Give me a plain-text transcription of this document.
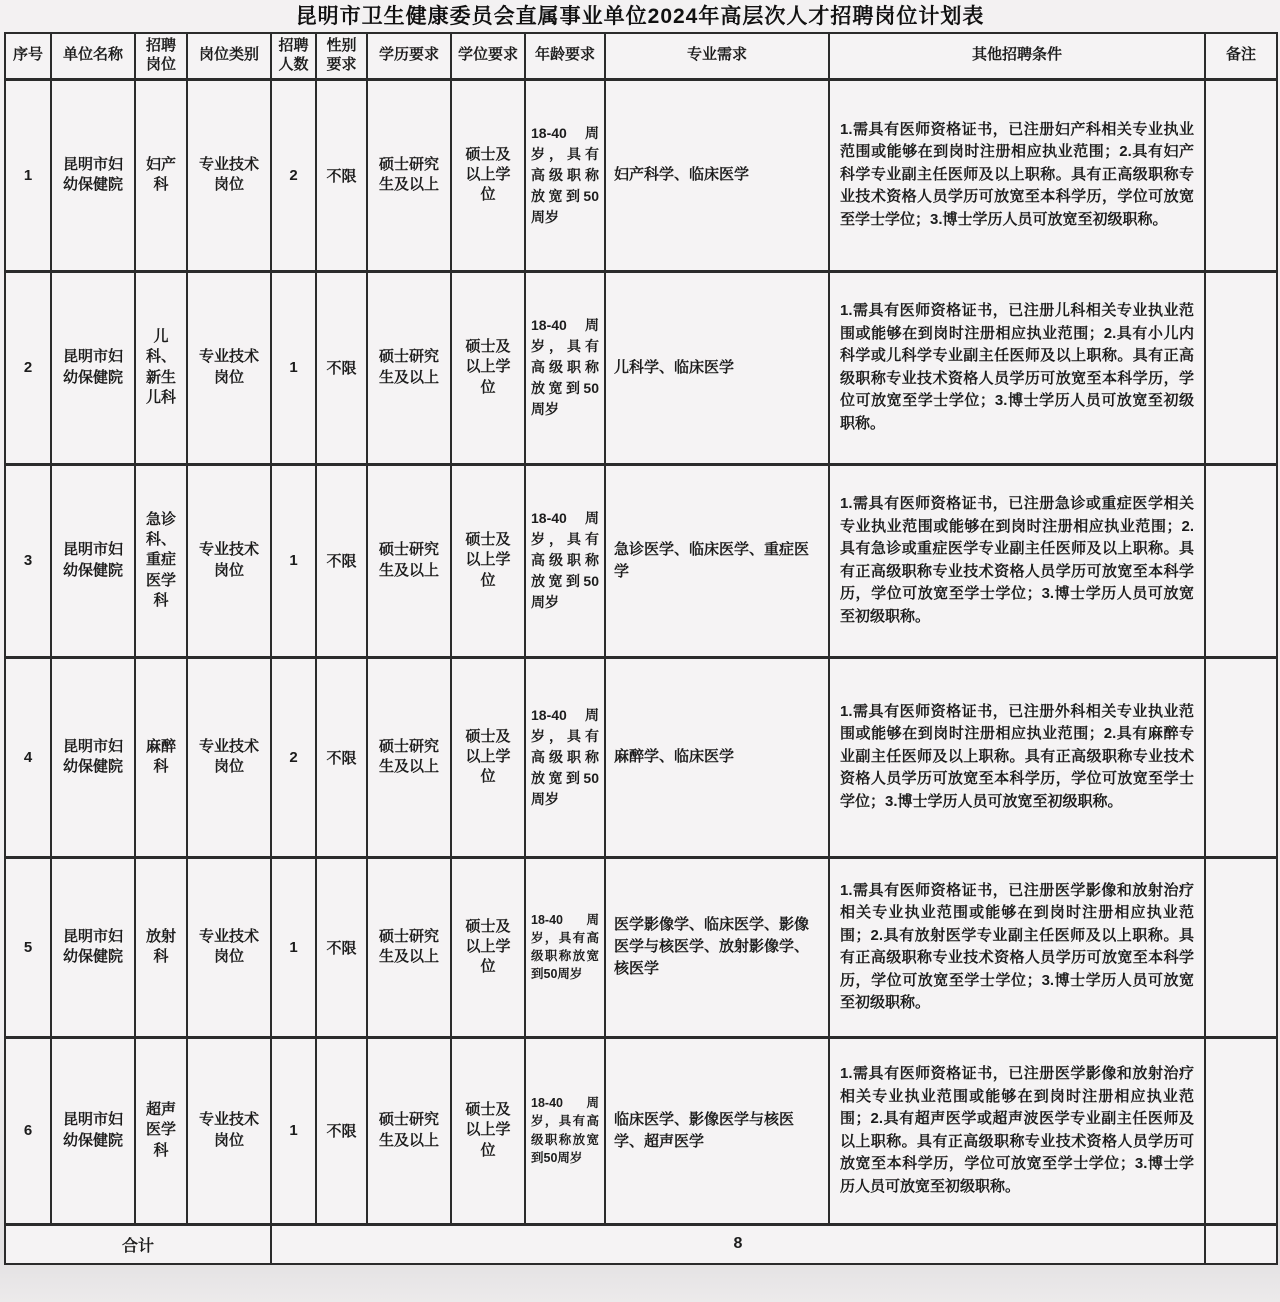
昆明市卫生健康委员会直属事业单位2024年高层次人才招聘岗位计划表
序号	单位名称	招聘岗位	岗位类别	招聘人数	性别要求	学历要求	学位要求	年龄要求	专业需求	其他招聘条件	备注
1	昆明市妇幼保健院	妇产科	专业技术岗位	2	不限	硕士研究生及以上	硕士及以上学位	18-40周岁，具有高级职称 放宽到50周岁	妇产科学、临床医学	1.需具有医师资格证书，已注册妇产科相关专业执业范围或能够在到岗时注册相应执业范围；2.具有妇产科学专业副主任医师及以上职称。具有正高级职称专业技术资格人员学历可放宽至本科学历，学位可放宽至学士学位；3.博士学历人员可放宽至初级职称。	
2	昆明市妇幼保健院	儿科、新生儿科	专业技术岗位	1	不限	硕士研究生及以上	硕士及以上学位	18-40周岁，具有高级职称 放宽到50周岁	儿科学、临床医学	1.需具有医师资格证书，已注册儿科相关专业执业范围或能够在到岗时注册相应执业范围；2.具有小儿内科学或儿科学专业副主任医师及以上职称。具有正高级职称专业技术资格人员学历可放宽至本科学历，学位可放宽至学士学位；3.博士学历人员可放宽至初级职称。	
3	昆明市妇幼保健院	急诊科、重症医学科	专业技术岗位	1	不限	硕士研究生及以上	硕士及以上学位	18-40周岁，具有高级职称 放宽到50周岁	急诊医学、临床医学、重症医学	1.需具有医师资格证书，已注册急诊或重症医学相关专业执业范围或能够在到岗时注册相应执业范围；2.具有急诊或重症医学专业副主任医师及以上职称。具有正高级职称专业技术资格人员学历可放宽至本科学历，学位可放宽至学士学位；3.博士学历人员可放宽至初级职称。	
4	昆明市妇幼保健院	麻醉科	专业技术岗位	2	不限	硕士研究生及以上	硕士及以上学位	18-40周岁，具有高级职称 放宽到50周岁	麻醉学、临床医学	1.需具有医师资格证书，已注册外科相关专业执业范围或能够在到岗时注册相应执业范围；2.具有麻醉专业副主任医师及以上职称。具有正高级职称专业技术资格人员学历可放宽至本科学历，学位可放宽至学士学位；3.博士学历人员可放宽至初级职称。	
5	昆明市妇幼保健院	放射科	专业技术岗位	1	不限	硕士研究生及以上	硕士及以上学位	18-40周岁，具有高级职称放宽到50周岁	医学影像学、临床医学、影像医学与核医学、放射影像学、核医学	1.需具有医师资格证书，已注册医学影像和放射治疗相关专业执业范围或能够在到岗时注册相应执业范围；2.具有放射医学专业副主任医师及以上职称。具有正高级职称专业技术资格人员学历可放宽至本科学历，学位可放宽至学士学位；3.博士学历人员可放宽至初级职称。	
6	昆明市妇幼保健院	超声医学科	专业技术岗位	1	不限	硕士研究生及以上	硕士及以上学位	18-40周岁，具有高级职称放宽到50周岁	临床医学、影像医学与核医学、超声医学	1.需具有医师资格证书，已注册医学影像和放射治疗相关专业执业范围或能够在到岗时注册相应执业范围；2.具有超声医学或超声波医学专业副主任医师及以上职称。具有正高级职称专业技术资格人员学历可放宽至本科学历，学位可放宽至学士学位；3.博士学历人员可放宽至初级职称。	
合计				8							
